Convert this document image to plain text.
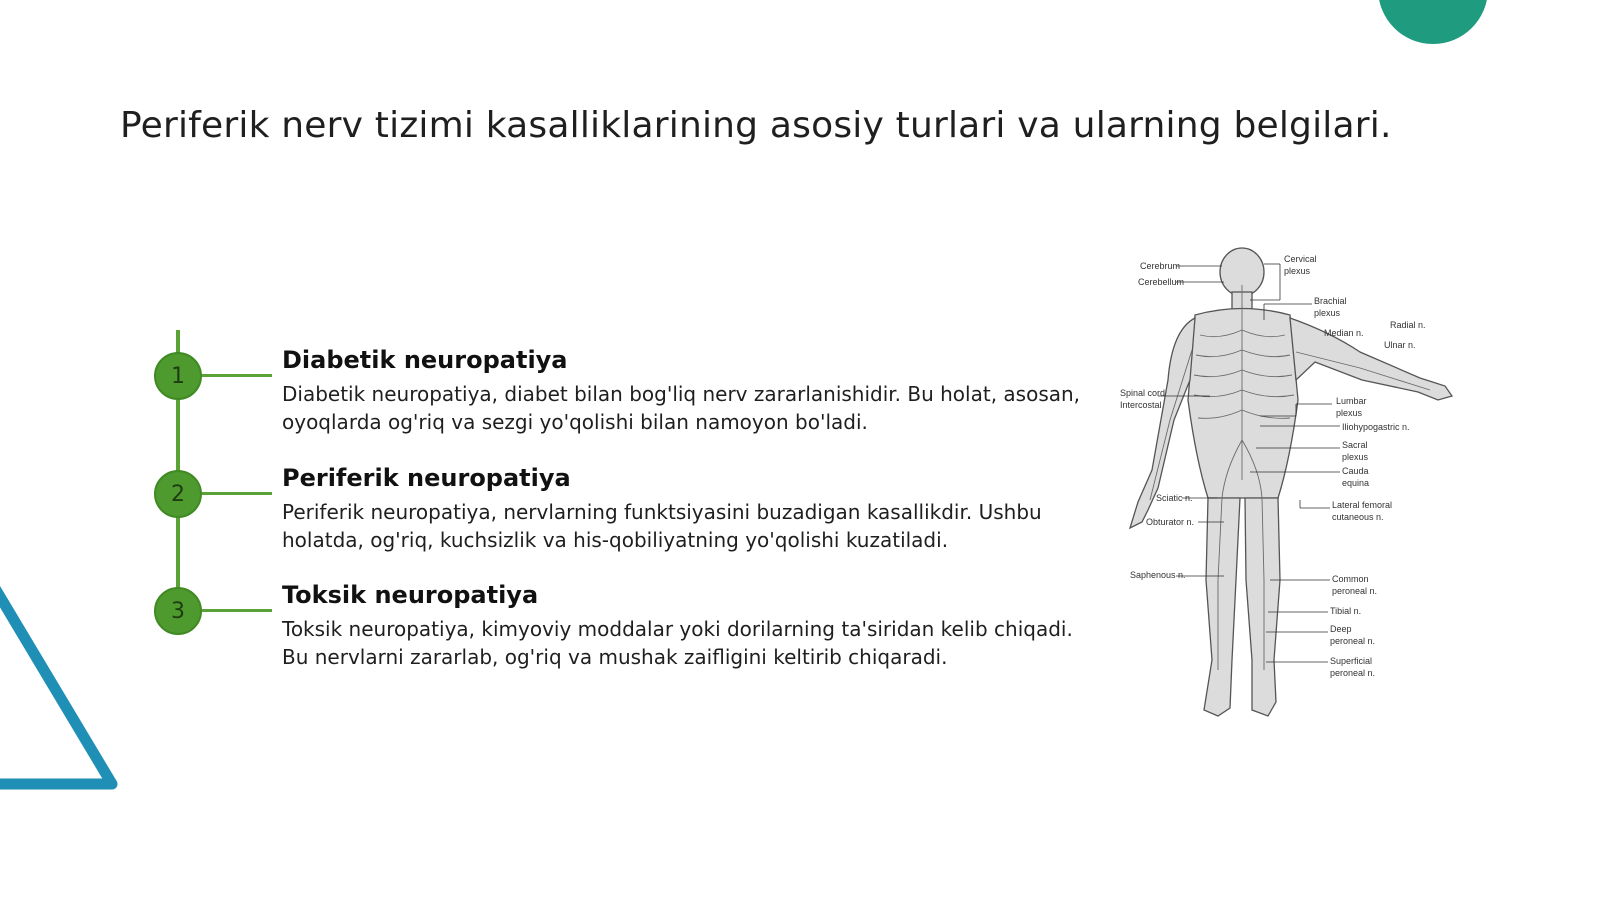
Periferik nerv tizimi kasalliklarining asosiy turlari va ularning belgilari.
1
Diabetik neuropatiya
Diabetik neuropatiya, diabet bilan bog'liq nerv zararlanishidir. Bu holat, asosan, oyoqlarda og'riq va sezgi yo'qolishi bilan namoyon bo'ladi.
2
Periferik neuropatiya
Periferik neuropatiya, nervlarning funktsiyasini buzadigan kasallikdir. Ushbu holatda, og'riq, kuchsizlik va his-qobiliyatning yo'qolishi kuzatiladi.
3
Toksik neuropatiya
Toksik neuropatiya, kimyoviy moddalar yoki dorilarning ta'siridan kelib chiqadi. Bu nervlarni zararlab, og'riq va mushak zaifligini keltirib chiqaradi.
Cerebrum
Cerebellum
Spinal cord
Intercostal
Sciatic n.
Obturator n.
Saphenous n.
Cervical
plexus
Brachial
plexus
Median n.
Radial n.
Ulnar n.
Lumbar
plexus
Iliohypogastric n.
Sacral
plexus
Cauda
equina
Lateral femoral
cutaneous n.
Common
peroneal n.
Tibial n.
Deep
peroneal n.
Superficial
peroneal n.
